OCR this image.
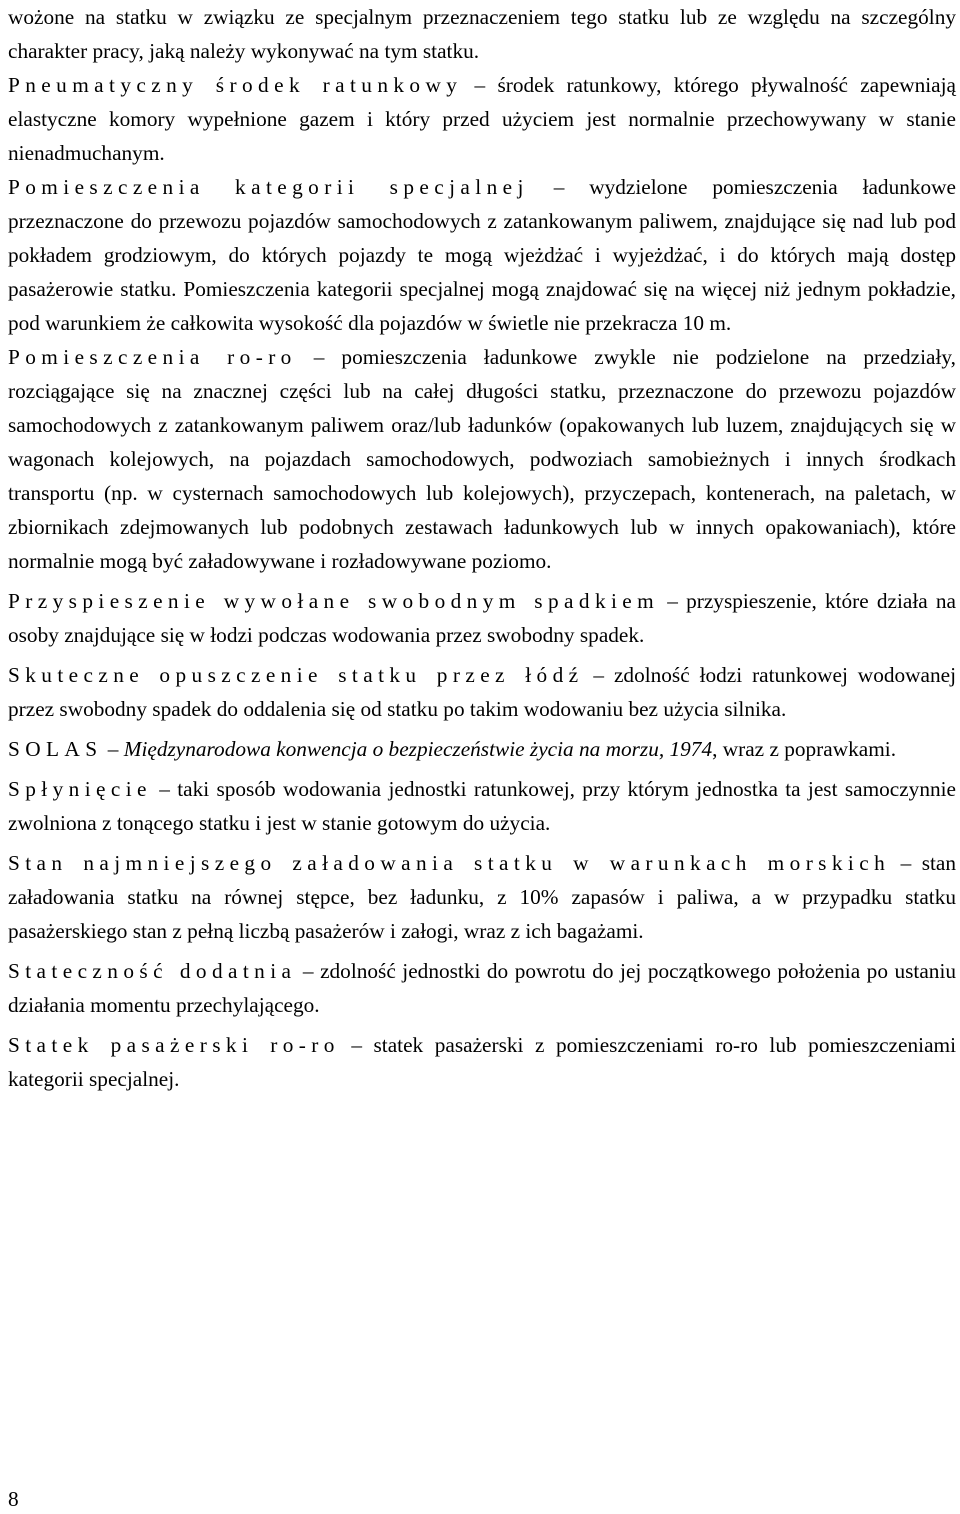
wożone na statku w związku ze specjalnym przeznaczeniem tego statku lub ze względu na szczególny charakter pracy, jaką należy wykonywać na tym statku.

Pneumatyczny środek ratunkowy – środek ratunkowy, którego pływalność zapewniają elastyczne komory wypełnione gazem i który przed użyciem jest normalnie przechowywany w stanie nienadmuchanym.

Pomieszczenia kategorii specjalnej – wydzielone pomieszczenia ładunkowe przeznaczone do przewozu pojazdów samochodowych z zatankowanym paliwem, znajdujące się nad lub pod pokładem grodziowym, do których pojazdy te mogą wjeżdżać i wyjeżdżać, i do których mają dostęp pasażerowie statku. Pomieszczenia kategorii specjalnej mogą znajdować się na więcej niż jednym pokładzie, pod warunkiem że całkowita wysokość dla pojazdów w świetle nie przekracza 10 m.

Pomieszczenia ro-ro – pomieszczenia ładunkowe zwykle nie podzielone na przedziały, rozciągające się na znacznej części lub na całej długości statku, przeznaczone do przewozu pojazdów samochodowych z zatankowanym paliwem oraz/lub ładunków (opakowanych lub luzem, znajdujących się w wagonach kolejowych, na pojazdach samochodowych, podwoziach samobieżnych i innych środkach transportu (np. w cysternach samochodowych lub kolejowych), przyczepach, kontenerach, na paletach, w zbiornikach zdejmowanych lub podobnych zestawach ładunkowych lub w innych opakowaniach), które normalnie mogą być załadowywane i rozładowywane poziomo.

Przyspieszenie wywołane swobodnym spadkiem – przyspieszenie, które działa na osoby znajdujące się w łodzi podczas wodowania przez swobodny spadek.

Skuteczne opuszczenie statku przez łódź – zdolność łodzi ratunkowej wodowanej przez swobodny spadek do oddalenia się od statku po takim wodowaniu bez użycia silnika.

SOLAS – Międzynarodowa konwencja o bezpieczeństwie życia na morzu, 1974, wraz z poprawkami.

Spłynięcie – taki sposób wodowania jednostki ratunkowej, przy którym jednostka ta jest samoczynnie zwolniona z tonącego statku i jest w stanie gotowym do użycia.

Stan najmniejszego załadowania statku w warunkach morskich – stan załadowania statku na równej stępce, bez ładunku, z 10% zapasów i paliwa, a w przypadku statku pasażerskiego stan z pełną liczbą pasażerów i załogi, wraz z ich bagażami.

Stateczność dodatnia – zdolność jednostki do powrotu do jej początkowego położenia po ustaniu działania momentu przechylającego.

Statek pasażerski ro-ro – statek pasażerski z pomieszczeniami ro-ro lub pomieszczeniami kategorii specjalnej.

8
